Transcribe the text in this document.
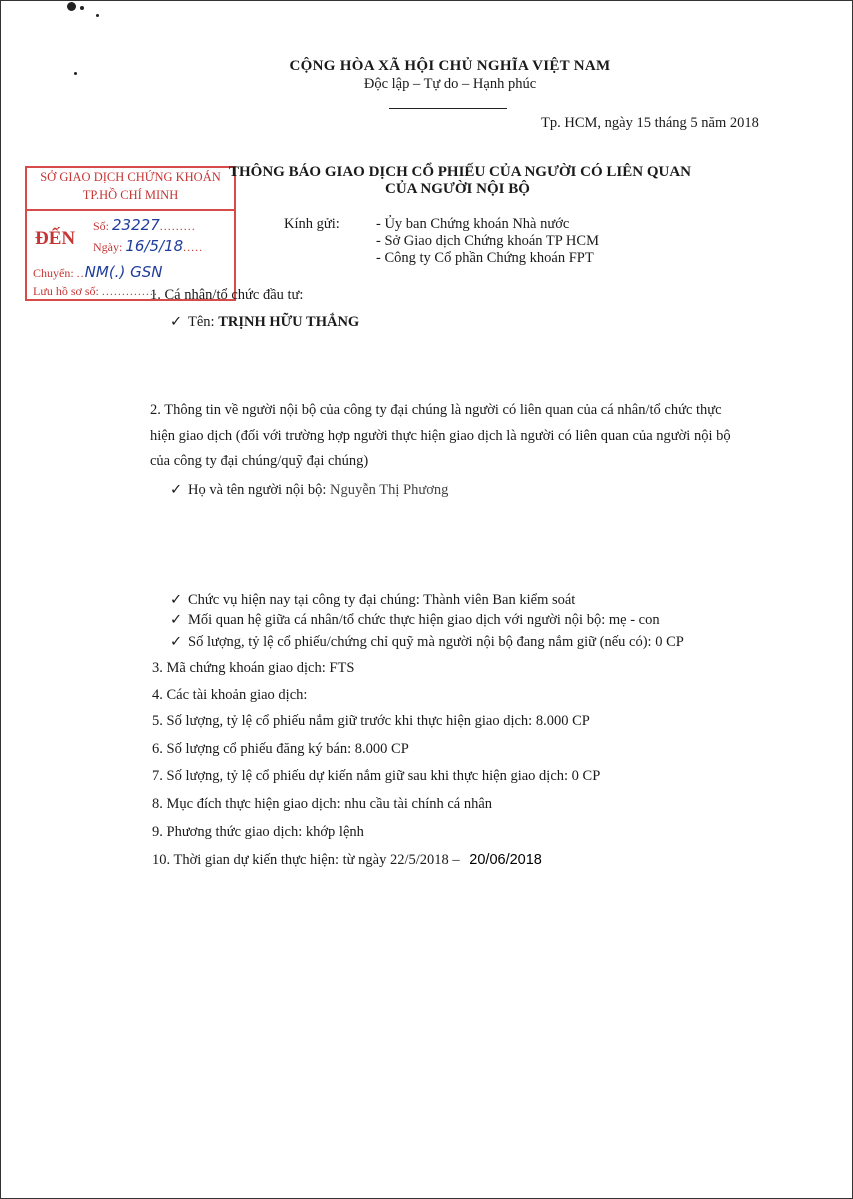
CỘNG HÒA XÃ HỘI CHỦ NGHĨA VIỆT NAM
Độc lập – Tự do – Hạnh phúc
Tp. HCM, ngày 15 tháng 5 năm 2018
SỞ GIAO DỊCH CHỨNG KHOÁN
TP.HỒ CHÍ MINH
ĐẾN
Số: 23227.........
Ngày: 16/5/18.....
Chuyển: ..NM(.) GSN
Lưu hồ sơ số: ..............
THÔNG BÁO GIAO DỊCH CỔ PHIẾU CỦA NGƯỜI CÓ LIÊN QUAN
CỦA NGƯỜI NỘI BỘ
Kính gửi: - Ủy ban Chứng khoán Nhà nước
- Sở Giao dịch Chứng khoán TP HCM
- Công ty Cổ phần Chứng khoán FPT
1. Cá nhân/tổ chức đầu tư:
✓ Tên: TRỊNH HỮU THẮNG
2. Thông tin về người nội bộ của công ty đại chúng là người có liên quan của cá nhân/tổ chức thực
hiện giao dịch (đối với trường hợp người thực hiện giao dịch là người có liên quan của người nội bộ
của công ty đại chúng/quỹ đại chúng)
✓ Họ và tên người nội bộ: Nguyễn Thị Phương
✓ Chức vụ hiện nay tại công ty đại chúng: Thành viên Ban kiểm soát
✓ Mối quan hệ giữa cá nhân/tổ chức thực hiện giao dịch với người nội bộ: mẹ - con
✓ Số lượng, tỷ lệ cổ phiếu/chứng chỉ quỹ mà người nội bộ đang nắm giữ (nếu có): 0 CP
3. Mã chứng khoán giao dịch: FTS
4. Các tài khoản giao dịch:
5. Số lượng, tỷ lệ cổ phiếu nắm giữ trước khi thực hiện giao dịch: 8.000 CP
6. Số lượng cổ phiếu đăng ký bán: 8.000 CP
7. Số lượng, tỷ lệ cổ phiếu dự kiến nắm giữ sau khi thực hiện giao dịch: 0 CP
8. Mục đích thực hiện giao dịch: nhu cầu tài chính cá nhân
9. Phương thức giao dịch: khớp lệnh
10. Thời gian dự kiến thực hiện: từ ngày 22/5/2018 – 20/06/2018
